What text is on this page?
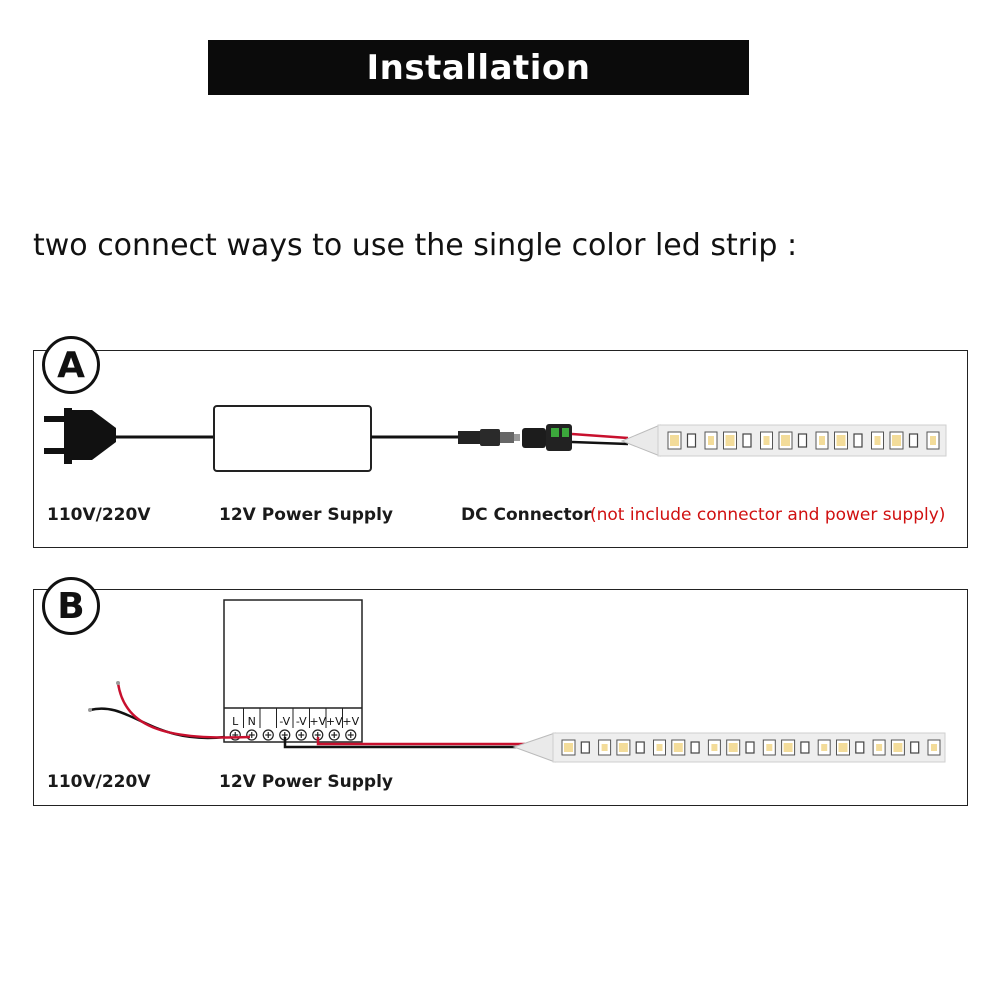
Installation
two connect ways to use the single color led strip :
L N -V -V +V +V +V
A
B
110V/220V	12V Power Supply	DC Connector
(not include connector and power supply)
110V/220V	12V Power Supply
